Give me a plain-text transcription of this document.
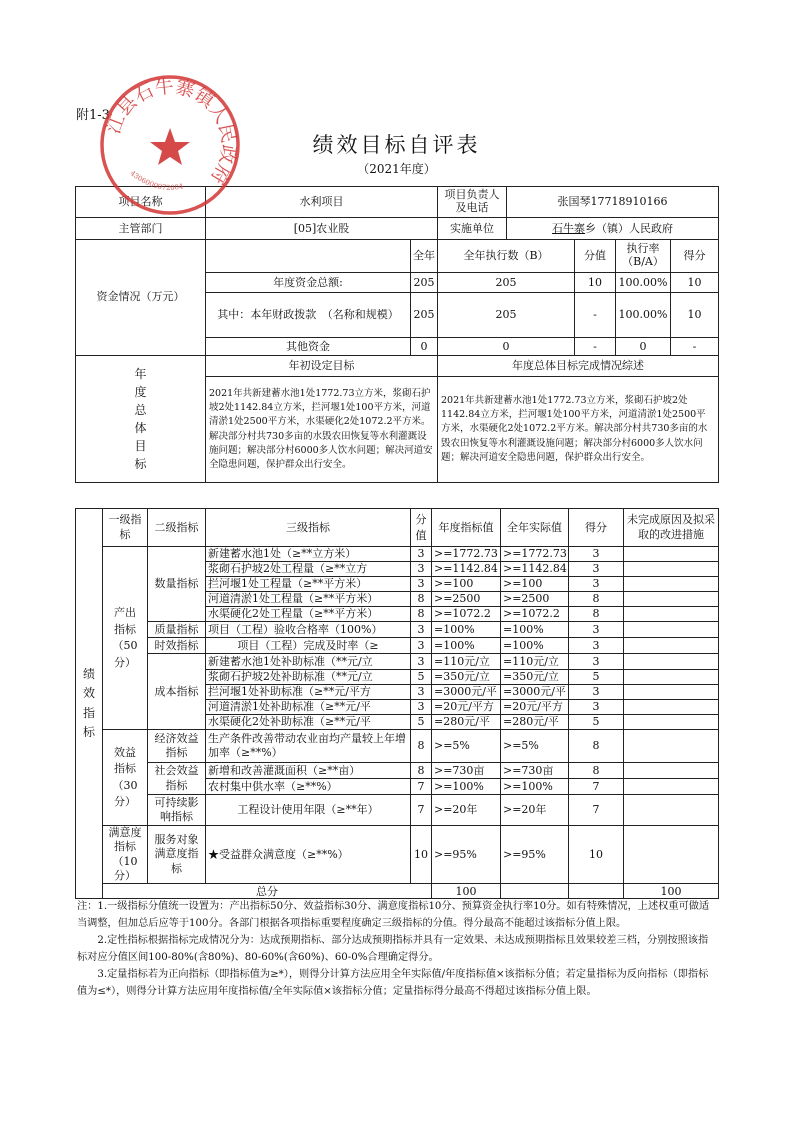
附1-3
绩效目标自评表
（2021年度）
项目名称	水利项目		项目负责人及电话	张国琴17718910166			
主管部门	[05]农业股		实施单位	石牛寨乡（镇）人民政府			
资金情况（万元）		全年	全年执行数（B）		分值	执行率（B/A）	得分
	年度资金总额:	205	205		10	100.00%	10
	其中：本年财政拨款　（名称和规模）	205	205		-	100.00%	10
	其他资金	0	0		-	0	-

年度总体目标	年初设定目标		年度总体目标完成情况综述				
	2021年共新建蓄水池1处1772.73立方米，浆砌石护坡2处1142.84立方米，拦河堰1处100平方米，河道清淤1处2500平方米，水渠硬化2处1072.2平方米。解决部分村共730多亩的水毁农田恢复等水利灌溉设施问题；解决部分村6000多人饮水问题；解决河道安全隐患问题，保护群众出行安全。		2021年共新建蓄水池1处1772.73立方米，浆砌石护坡2处1142.84立方米，拦河堰1处100平方米，河道清淤1处2500平方米，水渠硬化2处1072.2平方米。解决部分村共730多亩的水毁农田恢复等水利灌溉设施问题；解决部分村6000多人饮水问题；解决河道安全隐患问题，保护群众出行安全。				
绩效指标	一级指标	二级指标	三级指标	分值	年度指标值	全年实际值	得分	未完成原因及拟采取的改进措施	

	产出指标（50分）	数量指标	新建蓄水池1处（≥**立方米）	3	>=1772.73	>=1772.73	3		
			浆砌石护坡2处工程量（≥**立方	3	>=1142.84	>=1142.84	3		
			拦河堰1处工程量（≥**平方米）	3	>=100	>=100	3		
			河道清淤1处工程量（≥**平方米）	8	>=2500	>=2500	8		
			水渠硬化2处工程量（≥**平方米）	8	>=1072.2	>=1072.2	8		
		质量指标	项目（工程）验收合格率（100%）	3	=100%	=100%	3		
		时效指标	项目（工程）完成及时率（≥	3	=100%	=100%	3		
		成本指标	新建蓄水池1处补助标准（**元/立	3	=110元/立	=110元/立	3		
			浆砌石护坡2处补助标准（**元/立	5	=350元/立	=350元/立	5		
			拦河堰1处补助标准（≥**元/平方	3	=3000元/平	=3000元/平	3		
			河道清淤1处补助标准（≥**元/平	3	=20元/平方	=20元/平方	3		
			水渠硬化2处补助标准（≥**元/平	5	=280元/平	=280元/平	5		

	效益指标（30分）	经济效益指标	生产条件改善带动农业亩均产量较上年增加率（≥**%）	8	>=5%	>=5%	8		
		社会效益指标	新增和改善灌溉面积（≥**亩）	8	>=730亩	>=730亩	8		
			农村集中供水率（≥**%）	7	>=100%	>=100%	7		
		可持续影响指标	工程设计使用年限（≥**年）	7	>=20年	>=20年	7		
	满意度指标（10分）	服务对象满意度指标	★受益群众满意度（≥**%）	10	>=95%	>=95%	10		
	总分				100			100	

注：1.一级指标分值统一设置为：产出指标50分、效益指标30分、满意度指标10分、预算资金执行率10分。如有特殊情况，上述权重可做适当调整，但加总后应等于100分。各部门根据各项指标重要程度确定三级指标的分值。得分最高不能超过该指标分值上限。

2.定性指标根据指标完成情况分为：达成预期指标、部分达成预期指标并具有一定效果、未达成预期指标且效果较差三档，分别按照该指标对应分值区间100-80%(含80%)、80-60%(含60%)、60-0%合理确定得分。

3.定量指标若为正向指标（即指标值为≥*），则得分计算方法应用全年实际值/年度指标值×该指标分值；若定量指标为反向指标（即指标值为≤*），则得分计算方法应用年度指标值/全年实际值×该指标分值；定量指标得分最高不得超过该指标分值上限。

江县石牛寨镇人民政府
4306000072004
